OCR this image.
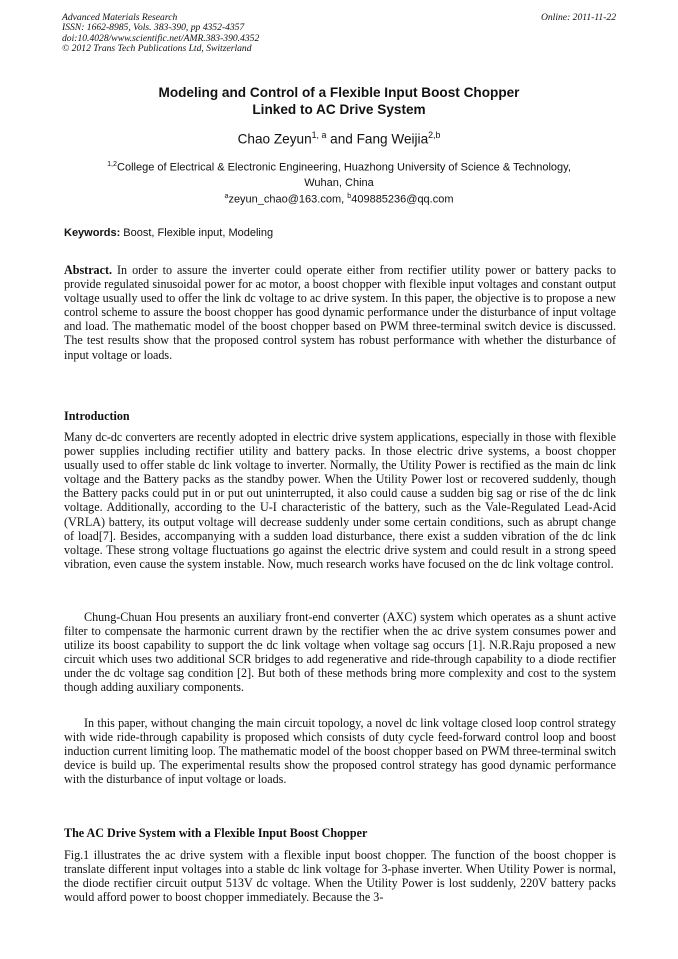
Advanced Materials Research
ISSN: 1662-8985, Vols. 383-390, pp 4352-4357
doi:10.4028/www.scientific.net/AMR.383-390.4352
© 2012 Trans Tech Publications Ltd, Switzerland
Online: 2011-11-22
Modeling and Control of a Flexible Input Boost Chopper
Linked to AC Drive System
Chao Zeyun$^{1, a}$ and Fang Weijia$^{2,b}$
$^{1,2}$College of Electrical & Electronic Engineering, Huazhong University of Science & Technology,
Wuhan, China
$^a$zeyun_chao@163.com, $^b$409885236@qq.com
Keywords: Boost, Flexible input, Modeling

Abstract. In order to assure the inverter could operate either from rectifier utility power or battery packs to provide regulated sinusoidal power for ac motor, a boost chopper with flexible input voltages and constant output voltage usually used to offer the link dc voltage to ac drive system. In this paper, the objective is to propose a new control scheme to assure the boost chopper has good dynamic performance under the disturbance of input voltage and load. The mathematic model of the boost chopper based on PWM three-terminal switch device is discussed. The test results show that the proposed control system has robust performance with whether the disturbance of input voltage or loads.

Introduction

Many dc-dc converters are recently adopted in electric drive system applications, especially in those with flexible power supplies including rectifier utility and battery packs. In those electric drive systems, a boost chopper usually used to offer stable dc link voltage to inverter. Normally, the Utility Power is rectified as the main dc link voltage and the Battery packs as the standby power. When the Utility Power lost or recovered suddenly, though the Battery packs could put in or put out uninterrupted, it also could cause a sudden big sag or rise of the dc link voltage. Additionally, according to the U-I characteristic of the battery, such as the Vale-Regulated Lead-Acid (VRLA) battery, its output voltage will decrease suddenly under some certain conditions, such as abrupt change of load[7]. Besides, accompanying with a sudden load disturbance, there exist a sudden vibration of the dc link voltage. These strong voltage fluctuations go against the electric drive system and could result in a strong speed vibration, even cause the system instable. Now, much research works have focused on the dc link voltage control.

Chung-Chuan Hou presents an auxiliary front-end converter (AXC) system which operates as a shunt active filter to compensate the harmonic current drawn by the rectifier when the ac drive system consumes power and utilize its boost capability to support the dc link voltage when voltage sag occurs [1]. N.R.Raju proposed a new circuit which uses two additional SCR bridges to add regenerative and ride-through capability to a diode rectifier under the dc voltage sag condition [2]. But both of these methods bring more complexity and cost to the system though adding auxiliary components.

In this paper, without changing the main circuit topology, a novel dc link voltage closed loop control strategy with wide ride-through capability is proposed which consists of duty cycle feed-forward control loop and boost induction current limiting loop. The mathematic model of the boost chopper based on PWM three-terminal switch device is build up. The experimental results show the proposed control strategy has good dynamic performance with the disturbance of input voltage or loads.

The AC Drive System with a Flexible Input Boost Chopper

Fig.1 illustrates the ac drive system with a flexible input boost chopper. The function of the boost chopper is translate different input voltages into a stable dc link voltage for 3-phase inverter. When Utility Power is normal, the diode rectifier circuit output 513V dc voltage. When the Utility Power is lost suddenly, 220V battery packs would afford power to boost chopper immediately. Because the 3-
